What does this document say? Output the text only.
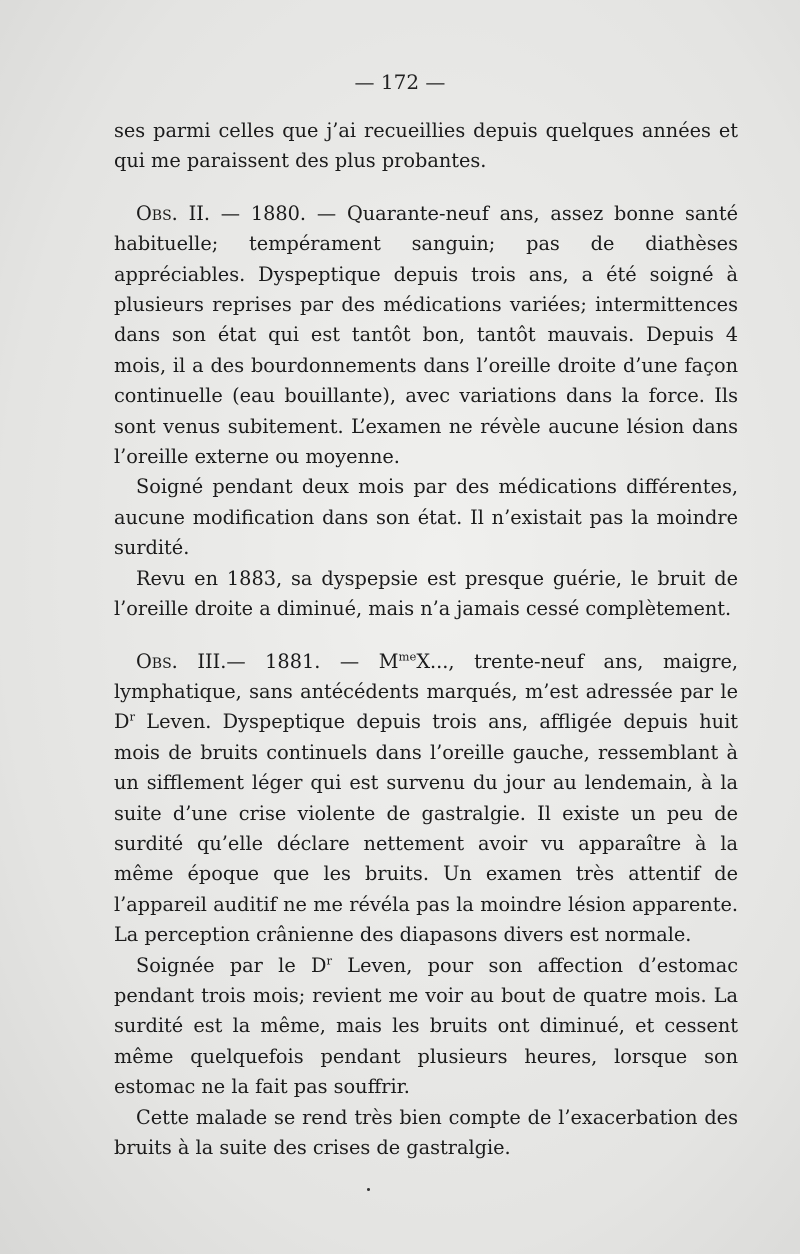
— 172 —

ses parmi celles que j’ai recueillies depuis quelques années et qui me paraissent des plus probantes.

Obs. II. — 1880. — Quarante-neuf ans, assez bonne santé habituelle; tempérament sanguin; pas de diathèses appréciables. Dyspeptique depuis trois ans, a été soigné à plusieurs reprises par des médications variées; intermittences dans son état qui est tantôt bon, tantôt mauvais. Depuis 4 mois, il a des bourdonnements dans l’oreille droite d’une façon continuelle (eau bouillante), avec variations dans la force. Ils sont venus subitement. L’examen ne révèle aucune lésion dans l’oreille externe ou moyenne.

Soigné pendant deux mois par des médications différentes, aucune modification dans son état. Il n’existait pas la moindre surdité.

Revu en 1883, sa dyspepsie est presque guérie, le bruit de l’oreille droite a diminué, mais n’a jamais cessé complètement.

Obs. III.— 1881. — $M^{me}X$..., trente-neuf ans, maigre, lymphatique, sans antécédents marqués, m’est adressée par le $D^r$ Leven. Dyspeptique depuis trois ans, affligée depuis huit mois de bruits continuels dans l’oreille gauche, ressemblant à un sifflement léger qui est survenu du jour au lendemain, à la suite d’une crise violente de gastralgie. Il existe un peu de surdité qu’elle déclare nettement avoir vu apparaître à la même époque que les bruits. Un examen très attentif de l’appareil auditif ne me révéla pas la moindre lésion apparente. La perception crânienne des diapasons divers est normale.

Soignée par le $D^r$ Leven, pour son affection d’estomac pendant trois mois; revient me voir au bout de quatre mois. La surdité est la même, mais les bruits ont diminué, et cessent même quelquefois pendant plusieurs heures, lorsque son estomac ne la fait pas souffrir.

Cette malade se rend très bien compte de l’exacerbation des bruits à la suite des crises de gastralgie.
